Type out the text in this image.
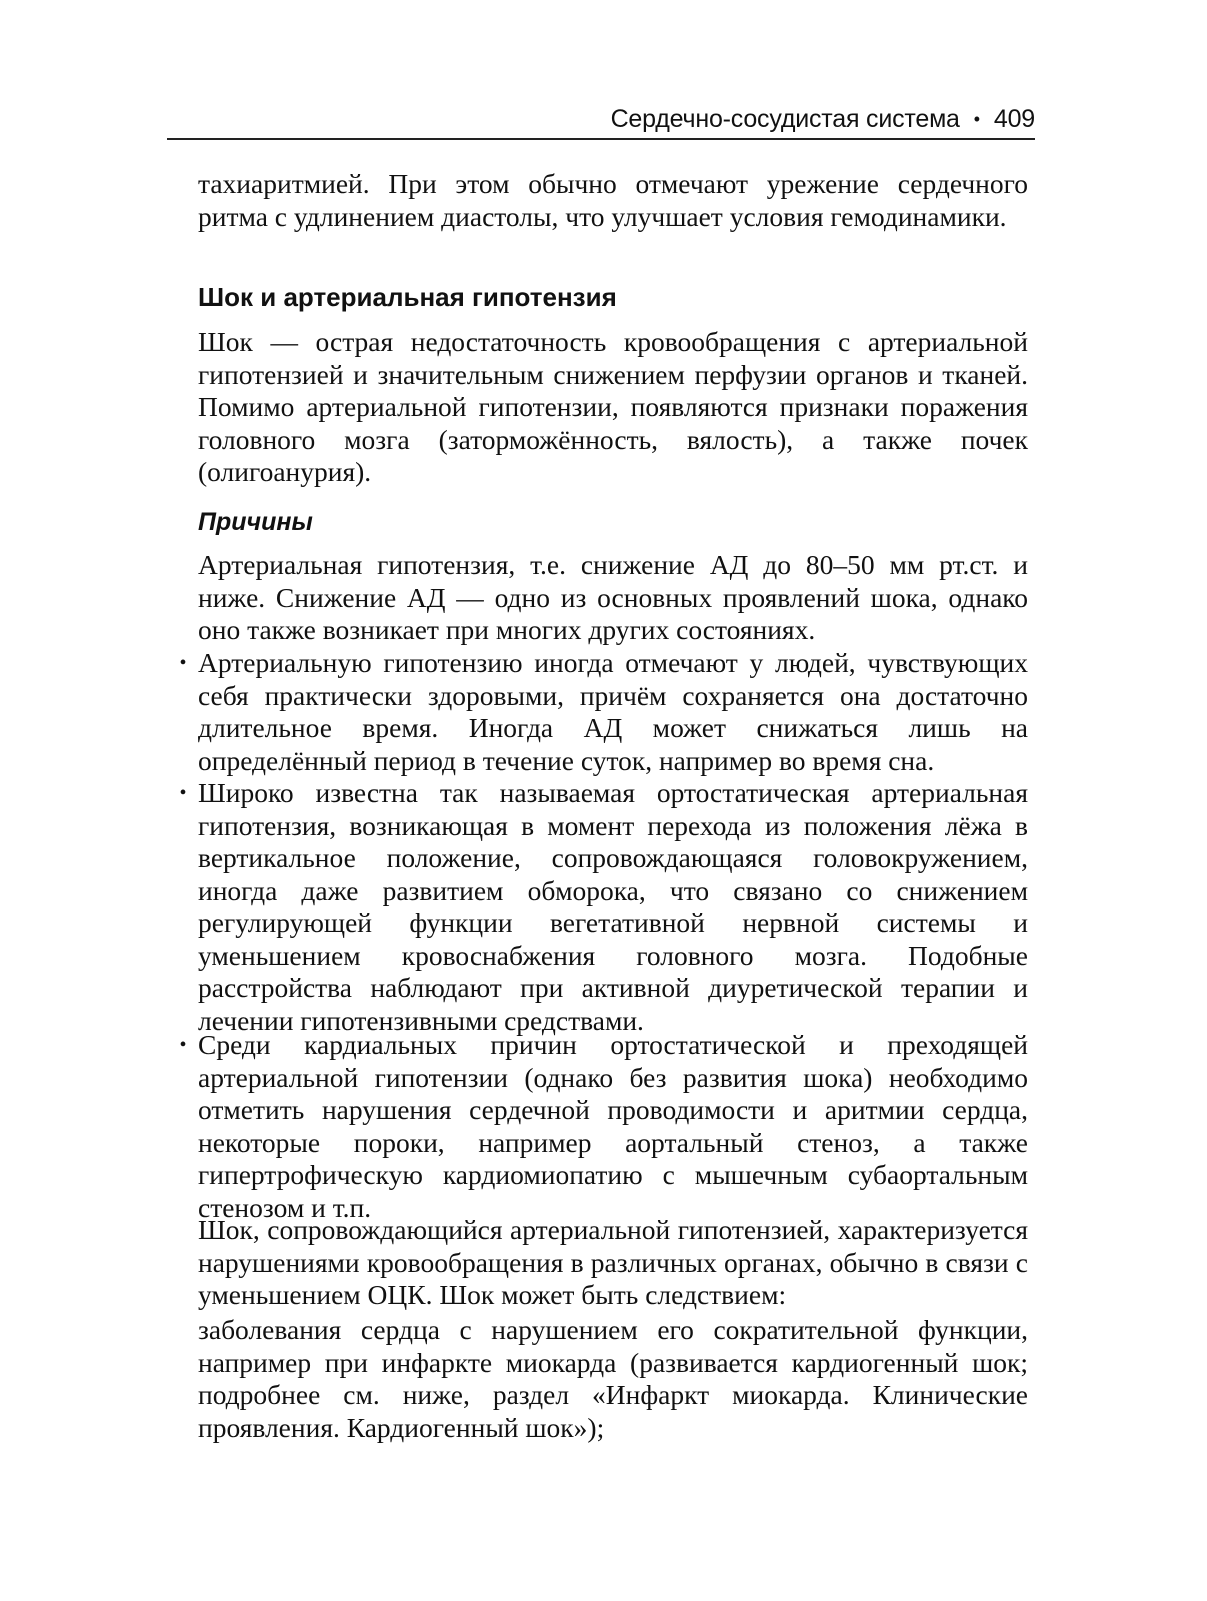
Сердечно-сосудистая система • 409

тахиаритмией. При этом обычно отмечают урежение сердечного ритма с удлинением диастолы, что улучшает условия гемодинамики.

Шок и артериальная гипотензия

Шок — острая недостаточность кровообращения с артериальной гипотензией и значительным снижением перфузии органов и тканей. Помимо артериальной гипотензии, появляются признаки поражения головного мозга (заторможённость, вялость), а также почек (олигоанурия).

Причины

Артериальная гипотензия, т.е. снижение АД до 80–50 мм рт.ст. и ниже. Снижение АД — одно из основных проявлений шока, однако оно также возникает при многих других состояниях.

• Артериальную гипотензию иногда отмечают у людей, чувствующих себя практически здоровыми, причём сохраняется она достаточно длительное время. Иногда АД может снижаться лишь на определённый период в течение суток, например во время сна.
• Широко известна так называемая ортостатическая артериальная гипотензия, возникающая в момент перехода из положения лёжа в вертикальное положение, сопровождающаяся головокружением, иногда даже развитием обморока, что связано со снижением регулирующей функции вегетативной нервной системы и уменьшением кровоснабжения головного мозга. Подобные расстройства наблюдают при активной диуретической терапии и лечении гипотензивными средствами.
• Среди кардиальных причин ортостатической и преходящей артериальной гипотензии (однако без развития шока) необходимо отметить нарушения сердечной проводимости и аритмии сердца, некоторые пороки, например аортальный стеноз, а также гипертрофическую кардиомиопатию с мышечным субаортальным стенозом и т.п.

Шок, сопровождающийся артериальной гипотензией, характеризуется нарушениями кровообращения в различных органах, обычно в связи с уменьшением ОЦК. Шок может быть следствием:

заболевания сердца с нарушением его сократительной функции, например при инфаркте миокарда (развивается кардиогенный шок; подробнее см. ниже, раздел «Инфаркт миокарда. Клинические проявления. Кардиогенный шок»);
